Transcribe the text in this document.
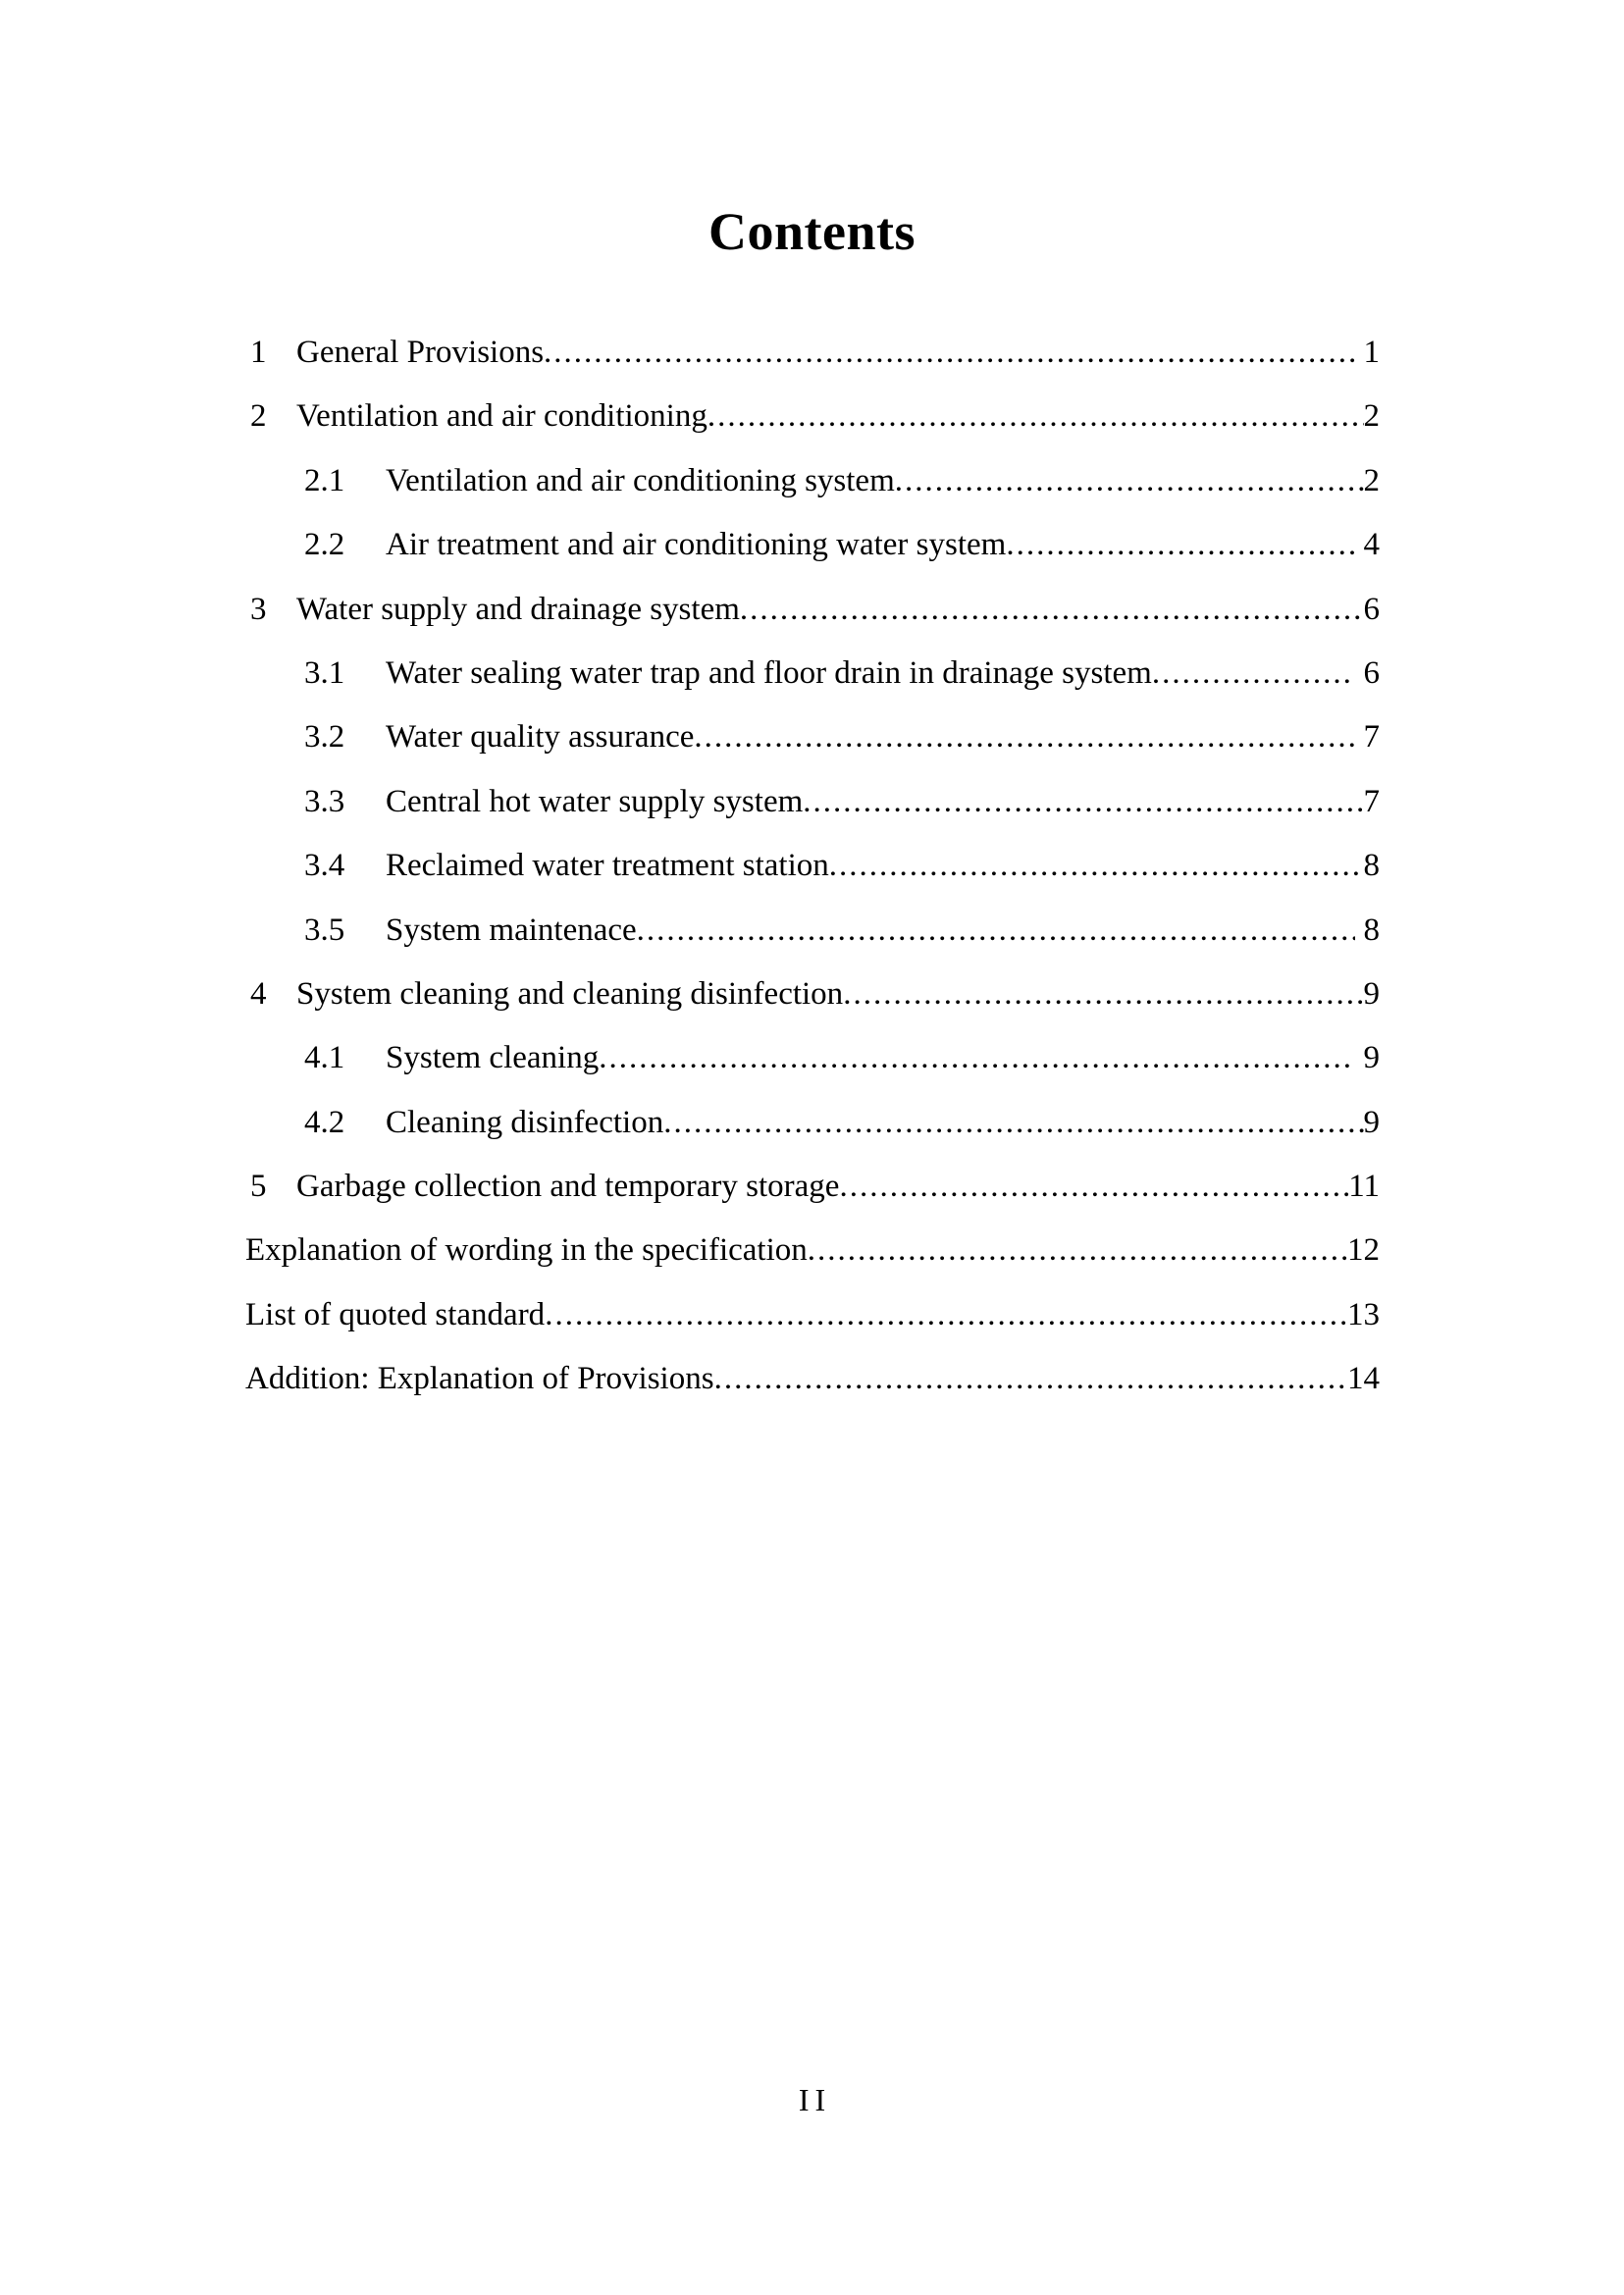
Contents
1 General Provisions .....	1
2 Ventilation and air conditioning .....	2
2.1	Ventilation and air conditioning system .....	2
2.2	Air treatment and air conditioning water system .....	4
3 Water supply and drainage system .....	6
3.1	Water sealing water trap and floor drain in drainage system .....	6
3.2	Water quality assurance .....	7
3.3	Central hot water supply system .....	7
3.4	Reclaimed water treatment station .....	8
3.5	System maintenace .....	8
4 System cleaning and cleaning disinfection .....	9
4.1	System cleaning .....	9
4.2	Cleaning disinfection .....	9
5 Garbage collection and temporary storage .....	11
Explanation of wording in the specification .....	12
List of quoted standard .....	13
Addition: Explanation of Provisions .....	14
II
